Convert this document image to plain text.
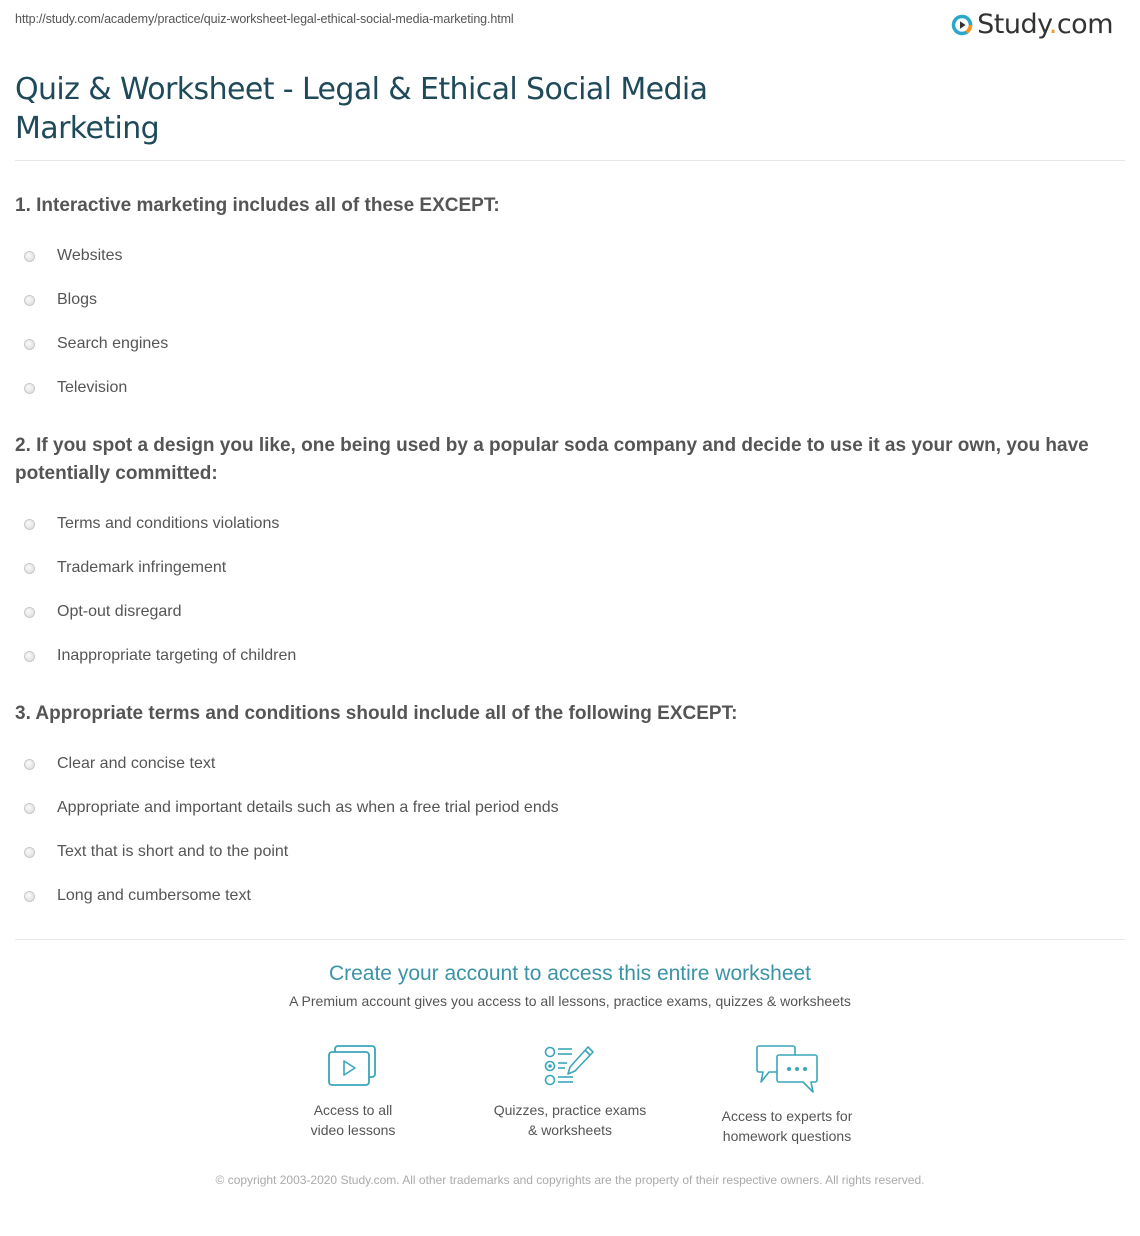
http://study.com/academy/practice/quiz-worksheet-legal-ethical-social-media-marketing.html	Study.com
Quiz & Worksheet - Legal & Ethical Social Media Marketing
1. Interactive marketing includes all of these EXCEPT:
Websites
Blogs
Search engines
Television
2. If you spot a design you like, one being used by a popular soda company and decide to use it as your own, you have potentially committed:
Terms and conditions violations
Trademark infringement
Opt-out disregard
Inappropriate targeting of children
3. Appropriate terms and conditions should include all of the following EXCEPT:
Clear and concise text
Appropriate and important details such as when a free trial period ends
Text that is short and to the point
Long and cumbersome text
Create your account to access this entire worksheet
A Premium account gives you access to all lessons, practice exams, quizzes & worksheets
Access to all
video lessons
Quizzes, practice exams
& worksheets
Access to experts for
homework questions
© copyright 2003-2020 Study.com. All other trademarks and copyrights are the property of their respective owners. All rights reserved.
